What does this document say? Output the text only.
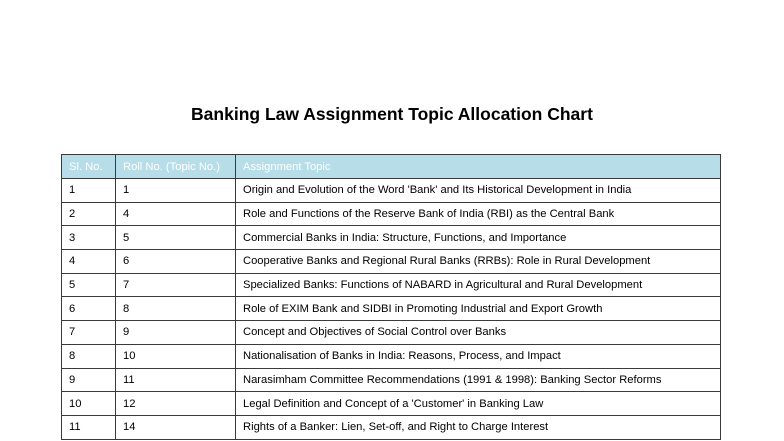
Banking Law Assignment Topic Allocation Chart
Sl. No.	Roll No. (Topic No.)	Assignment Topic
1	1	Origin and Evolution of the Word 'Bank' and Its Historical Development in India
2	4	Role and Functions of the Reserve Bank of India (RBI) as the Central Bank
3	5	Commercial Banks in India: Structure, Functions, and Importance
4	6	Cooperative Banks and Regional Rural Banks (RRBs): Role in Rural Development
5	7	Specialized Banks: Functions of NABARD in Agricultural and Rural Development
6	8	Role of EXIM Bank and SIDBI in Promoting Industrial and Export Growth
7	9	Concept and Objectives of Social Control over Banks
8	10	Nationalisation of Banks in India: Reasons, Process, and Impact
9	11	Narasimham Committee Recommendations (1991 & 1998): Banking Sector Reforms
10	12	Legal Definition and Concept of a 'Customer' in Banking Law
11	14	Rights of a Banker: Lien, Set-off, and Right to Charge Interest
